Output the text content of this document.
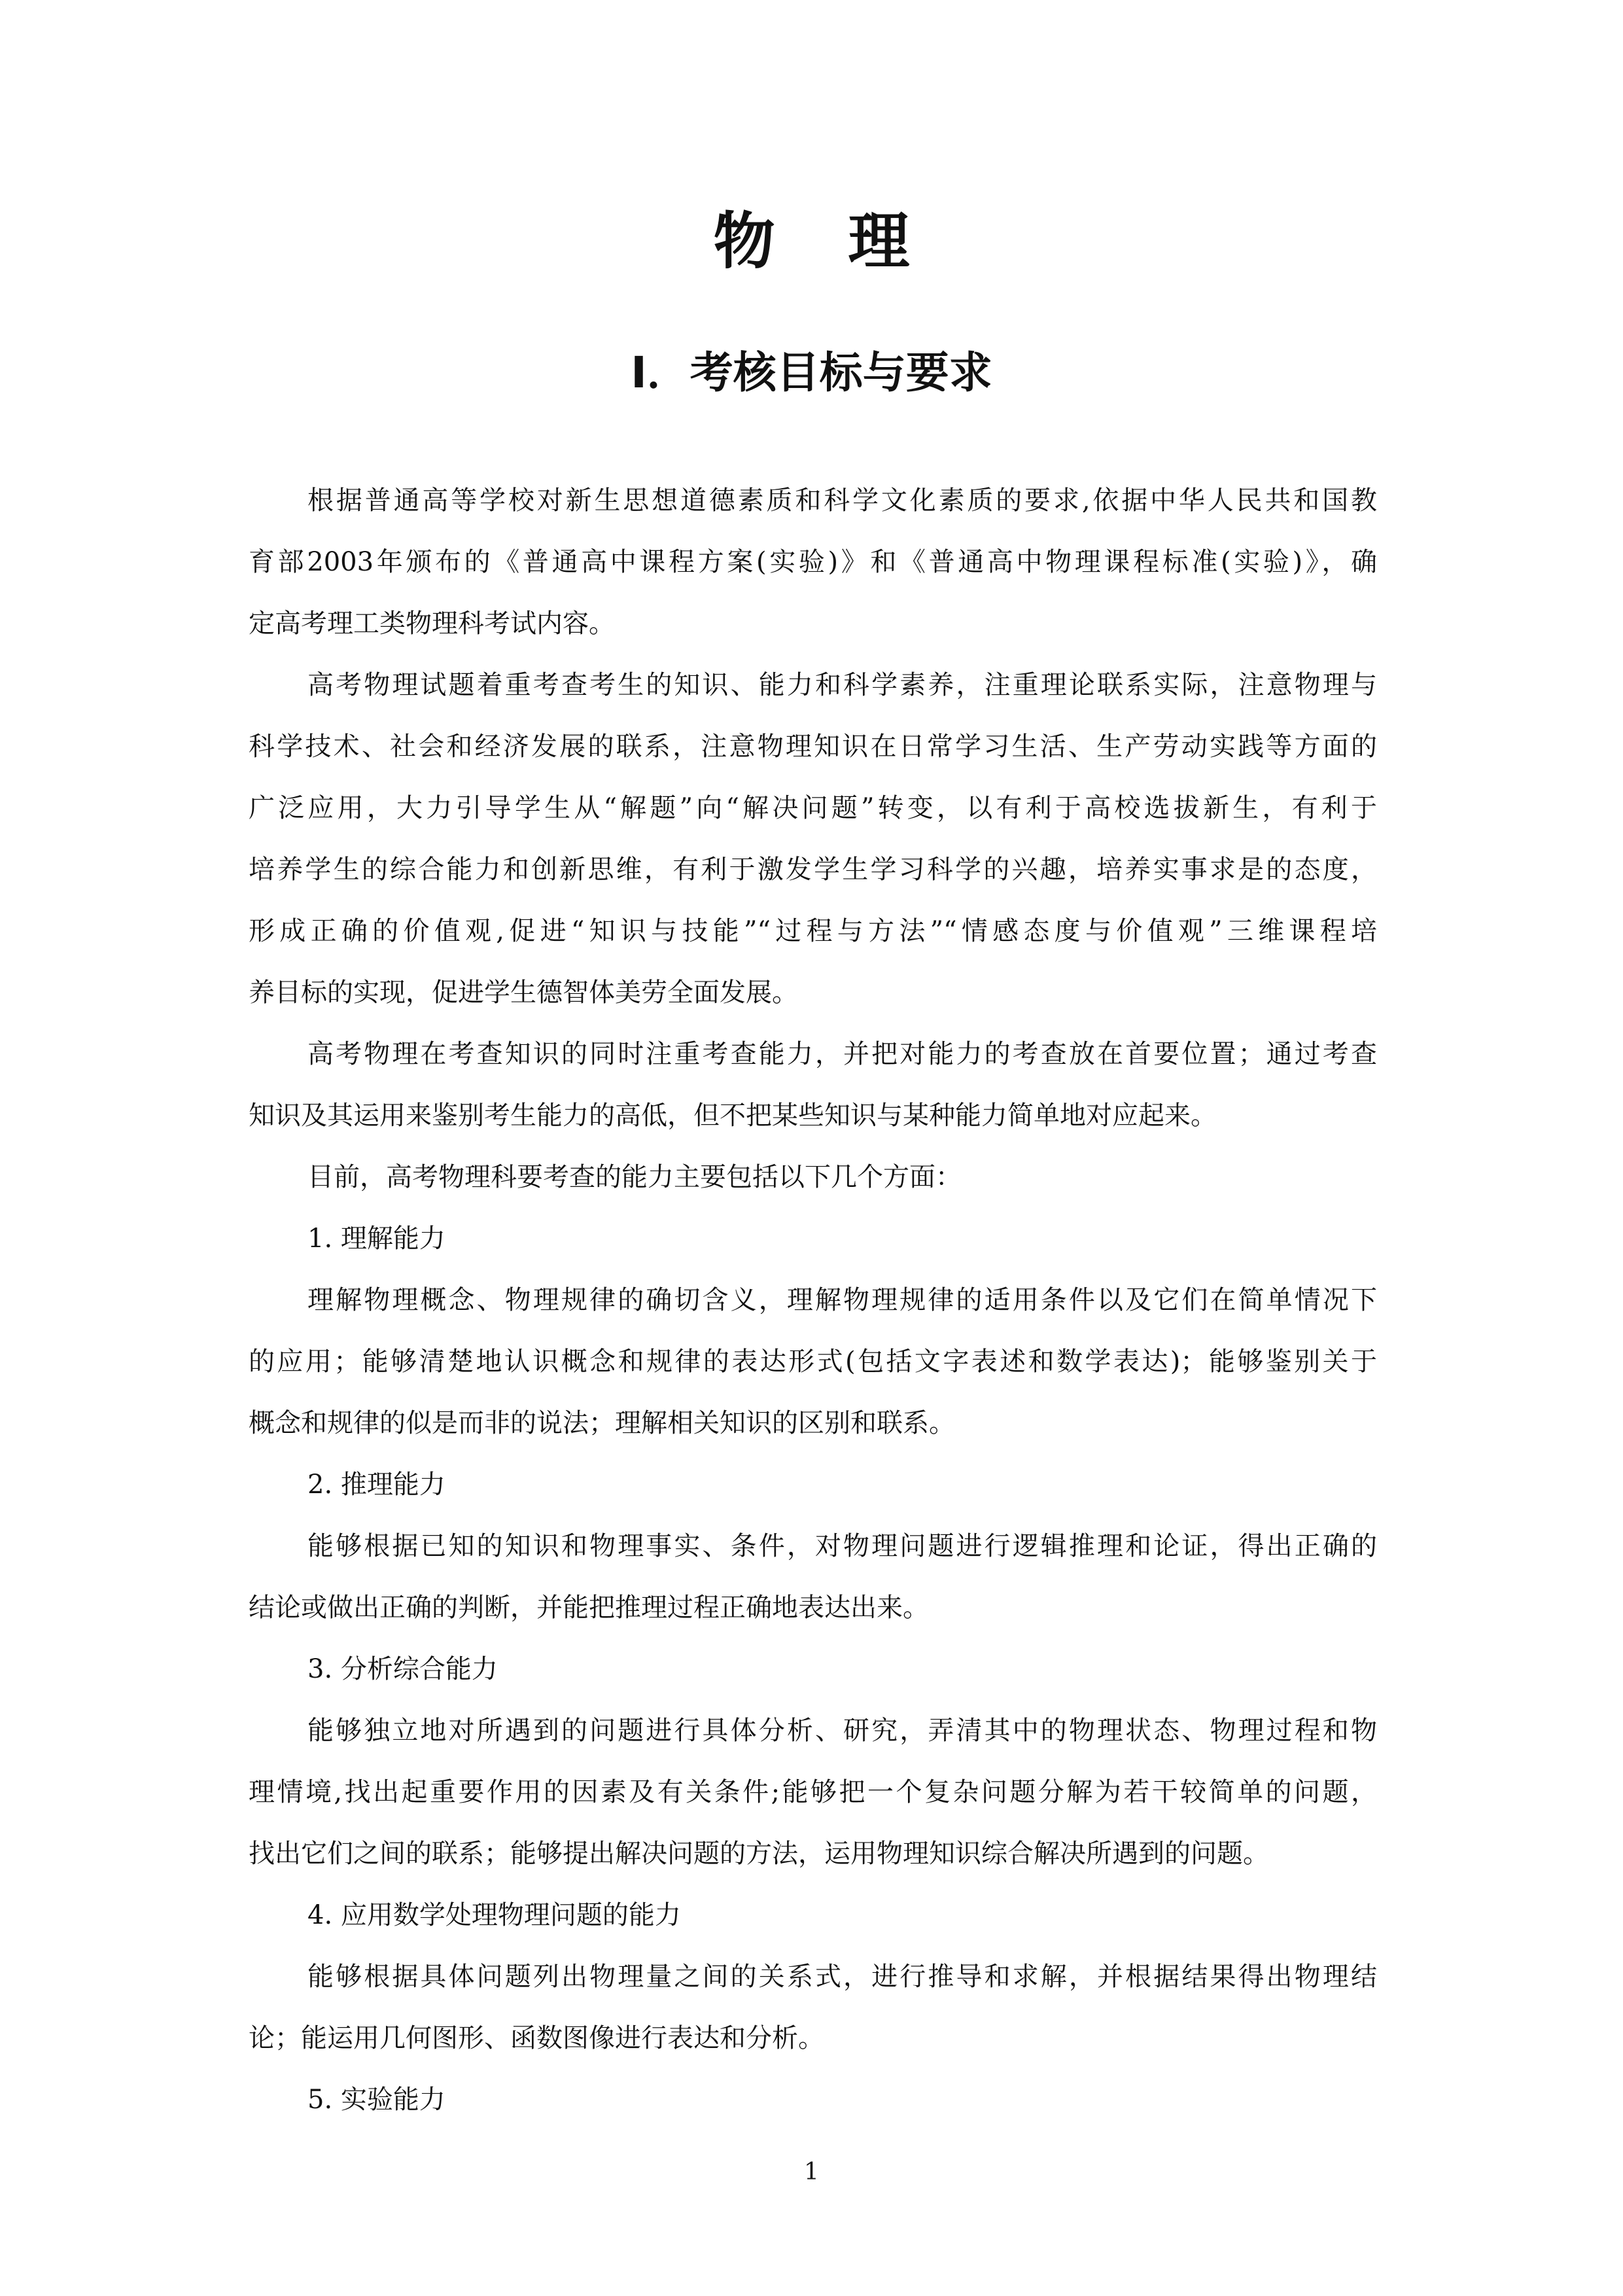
物 理
Ⅰ．考核目标与要求
根据普通高等学校对新生思想道德素质和科学文化素质的要求,依据中华人民共和国教
育部2003年颁布的《普通高中课程方案(实验)》和《普通高中物理课程标准(实验)》，确
定高考理工类物理科考试内容。
高考物理试题着重考查考生的知识、能力和科学素养，注重理论联系实际，注意物理与
科学技术、社会和经济发展的联系，注意物理知识在日常学习生活、生产劳动实践等方面的
广泛应用，大力引导学生从“解题”向“解决问题”转变，以有利于高校选拔新生，有利于
培养学生的综合能力和创新思维，有利于激发学生学习科学的兴趣，培养实事求是的态度，
形成正确的价值观,促进“知识与技能”“过程与方法”“情感态度与价值观”三维课程培
养目标的实现，促进学生德智体美劳全面发展。
高考物理在考查知识的同时注重考查能力，并把对能力的考查放在首要位置；通过考查
知识及其运用来鉴别考生能力的高低，但不把某些知识与某种能力简单地对应起来。
目前，高考物理科要考查的能力主要包括以下几个方面：
1. 理解能力
理解物理概念、物理规律的确切含义，理解物理规律的适用条件以及它们在简单情况下
的应用；能够清楚地认识概念和规律的表达形式(包括文字表述和数学表达)；能够鉴别关于
概念和规律的似是而非的说法；理解相关知识的区别和联系。
2. 推理能力
能够根据已知的知识和物理事实、条件，对物理问题进行逻辑推理和论证，得出正确的
结论或做出正确的判断，并能把推理过程正确地表达出来。
3. 分析综合能力
能够独立地对所遇到的问题进行具体分析、研究，弄清其中的物理状态、物理过程和物
理情境,找出起重要作用的因素及有关条件;能够把一个复杂问题分解为若干较简单的问题，
找出它们之间的联系；能够提出解决问题的方法，运用物理知识综合解决所遇到的问题。
4. 应用数学处理物理问题的能力
能够根据具体问题列出物理量之间的关系式，进行推导和求解，并根据结果得出物理结
论；能运用几何图形、函数图像进行表达和分析。
5. 实验能力
1
